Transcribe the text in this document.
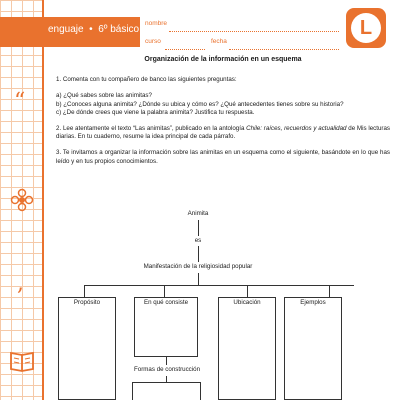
enguaje  •  6º básico
nombre
curso	fecha
L
“
,
Organización de la información en un esquema
1. Comenta con tu compañero de banco las siguientes preguntas:
a) ¿Qué sabes sobre las animitas?
b) ¿Conoces alguna animita? ¿Dónde su ubica y cómo es? ¿Qué antecedentes tienes sobre su historia?
c) ¿De dónde crees que viene la palabra animita? Justifica tu respuesta.
2. Lee atentamente el texto “Las animitas”, publicado en la antología Chile: raíces, recuerdos y actualidad de Mis lecturas diarias. En tu cuaderno, resume la idea principal de cada párrafo.
3. Te invitamos a organizar la información sobre las animitas en un esquema como el siguiente, basándote en lo que has leído y en tus propios conocimientos.
Animita
es
Manifestación de la religiosidad popular
Propósito	En qué consiste	Ubicación	Ejemplos
Formas de construcción
